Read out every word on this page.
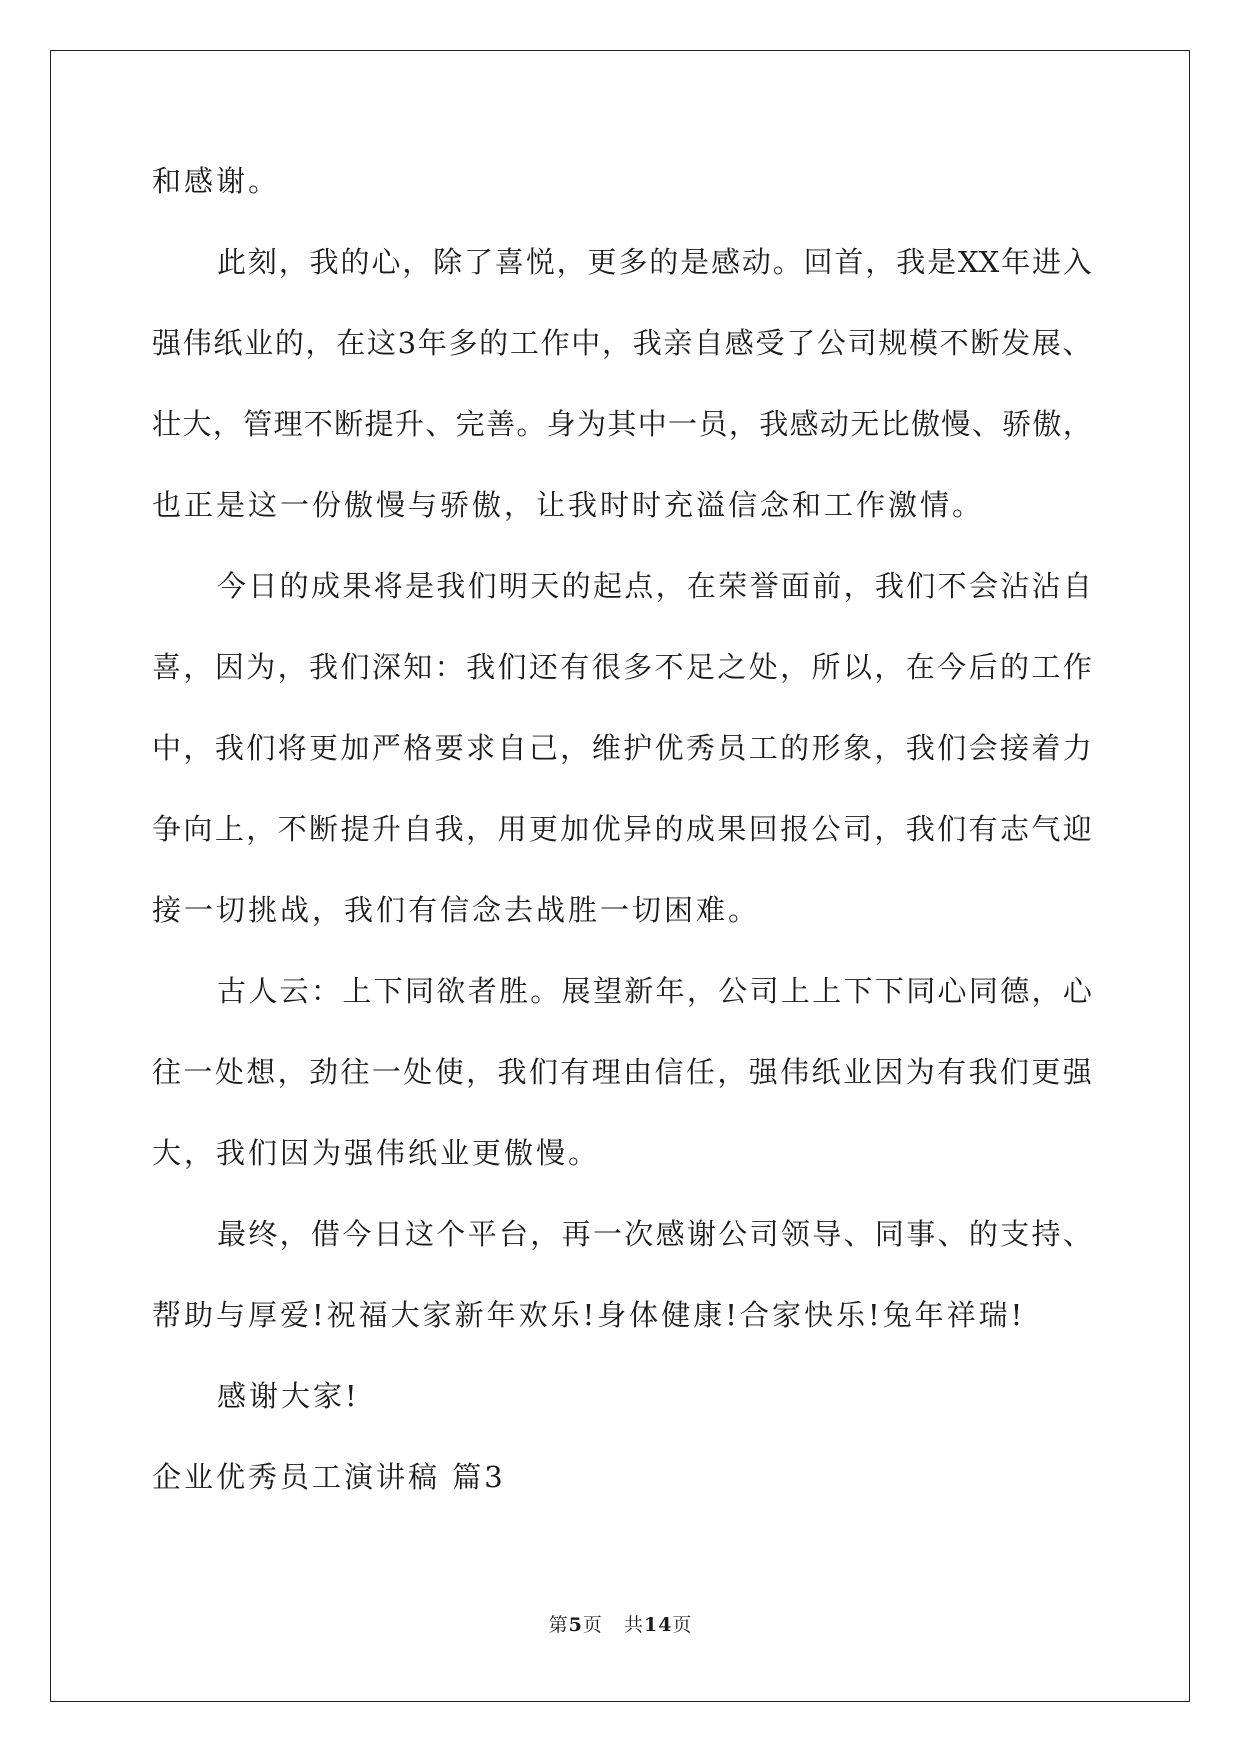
和感谢。
此 刻 ， 我 的 心 ， 除 了 喜 悦 ， 更 多 的 是 感 动 。 回 首 ， 我 是 XX 年 进 入
强 伟 纸 业 的 ， 在 这 3 年 多 的 工 作 中 ， 我 亲 自 感 受 了 公 司 规 模 不 断 发 展 、
壮 大 ， 管 理 不 断 提 升 、 完 善 。 身 为 其 中 一 员 ， 我 感 动 无 比 傲 慢 、 骄 傲 ，
也正是这一份傲慢与骄傲，让我时时充溢信念和工作激情。
今 日 的 成 果 将 是 我 们 明 天 的 起 点 ， 在 荣 誉 面 前 ， 我 们 不 会 沾 沾 自
喜 ， 因 为 ， 我 们 深 知 ： 我 们 还 有 很 多 不 足 之 处 ， 所 以 ， 在 今 后 的 工 作
中 ， 我 们 将 更 加 严 格 要 求 自 己 ， 维 护 优 秀 员 工 的 形 象 ， 我 们 会 接 着 力
争 向 上 ， 不 断 提 升 自 我 ， 用 更 加 优 异 的 成 果 回 报 公 司 ， 我 们 有 志 气 迎
接一切挑战，我们有信念去战胜一切困难。
古 人 云 ： 上 下 同 欲 者 胜 。 展 望 新 年 ， 公 司 上 上 下 下 同 心 同 德 ， 心
往 一 处 想 ， 劲 往 一 处 使 ， 我 们 有 理 由 信 任 ， 强 伟 纸 业 因 为 有 我 们 更 强
大，我们因为强伟纸业更傲慢。
最 终 ， 借 今 日 这 个 平 台 ， 再 一 次 感 谢 公 司 领 导 、 同 事 、 的 支 持 、
帮助与厚爱!祝福大家新年欢乐!身体健康!合家快乐!兔年祥瑞!
感谢大家!
企业优秀员工演讲稿 篇3
第5页 共14页
